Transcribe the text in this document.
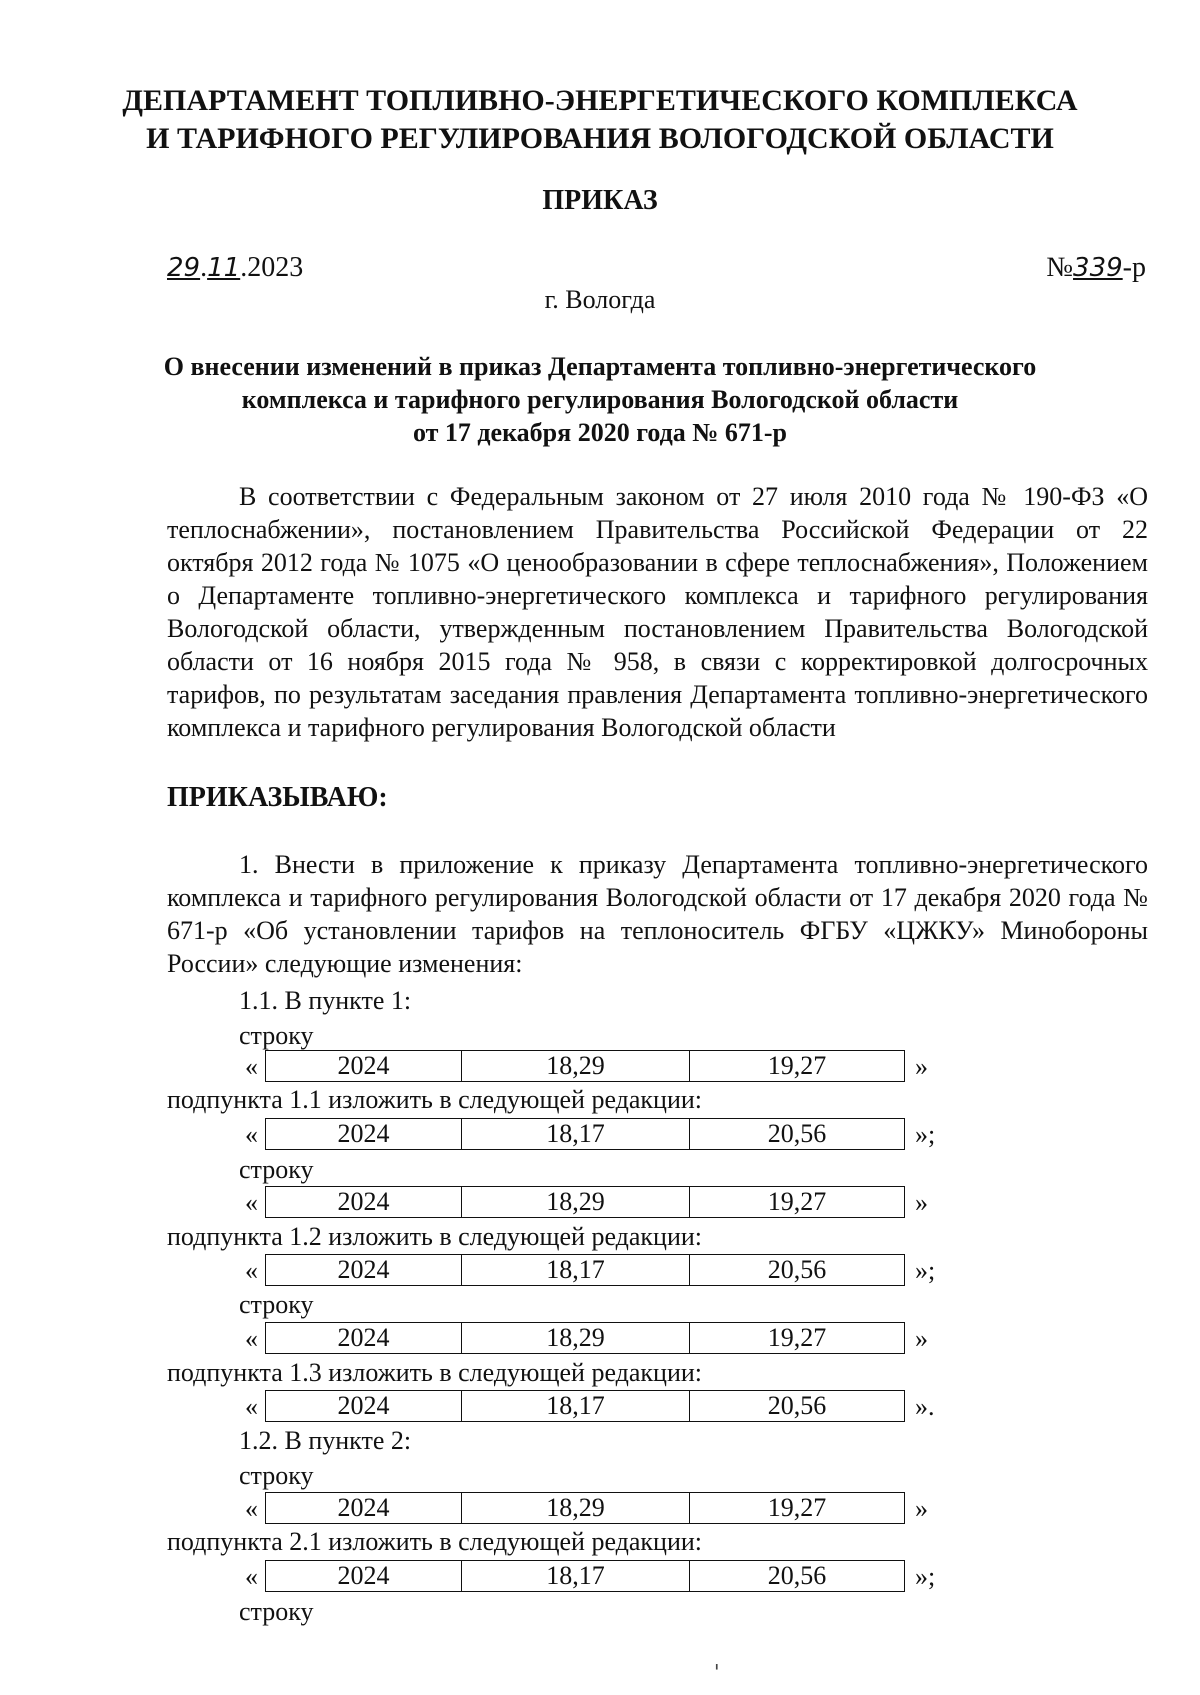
ДЕПАРТАМЕНТ ТОПЛИВНО-ЭНЕРГЕТИЧЕСКОГО КОМПЛЕКСА
И ТАРИФНОГО РЕГУЛИРОВАНИЯ ВОЛОГОДСКОЙ ОБЛАСТИ
ПРИКАЗ
29.11.2023	№339-р
г. Вологда
О внесении изменений в приказ Департамента топливно-энергетического
комплекса и тарифного регулирования Вологодской области
от 17 декабря 2020 года № 671-р
В соответствии с Федеральным законом от 27 июля 2010 года № 190-ФЗ «О теплоснабжении», постановлением Правительства Российской Федерации от 22 октября 2012 года № 1075 «О ценообразовании в сфере теплоснабжения», Положением о Департаменте топливно-энергетического комплекса и тарифного регулирования Вологодской области, утвержденным постановлением Правительства Вологодской области от 16 ноября 2015 года № 958, в связи с корректировкой долгосрочных тарифов, по результатам заседания правления Департамента топливно-энергетического комплекса и тарифного регулирования Вологодской области
ПРИКАЗЫВАЮ:
1. Внести в приложение к приказу Департамента топливно-энергетического комплекса и тарифного регулирования Вологодской области от 17 декабря 2020 года № 671-р «Об установлении тарифов на теплоноситель ФГБУ «ЦЖКУ» Минобороны России» следующие изменения:
1.1. В пункте 1:
строку
«	2024	18,29	19,27	»
подпункта 1.1 изложить в следующей редакции:
«	2024	18,17	20,56	»;
строку
«	2024	18,29	19,27	»
подпункта 1.2 изложить в следующей редакции:
«	2024	18,17	20,56	»;
строку
«	2024	18,29	19,27	»
подпункта 1.3 изложить в следующей редакции:
«	2024	18,17	20,56	».
1.2. В пункте 2:
строку
«	2024	18,29	19,27	»
подпункта 2.1 изложить в следующей редакции:
«	2024	18,17	20,56	»;
строку
'
